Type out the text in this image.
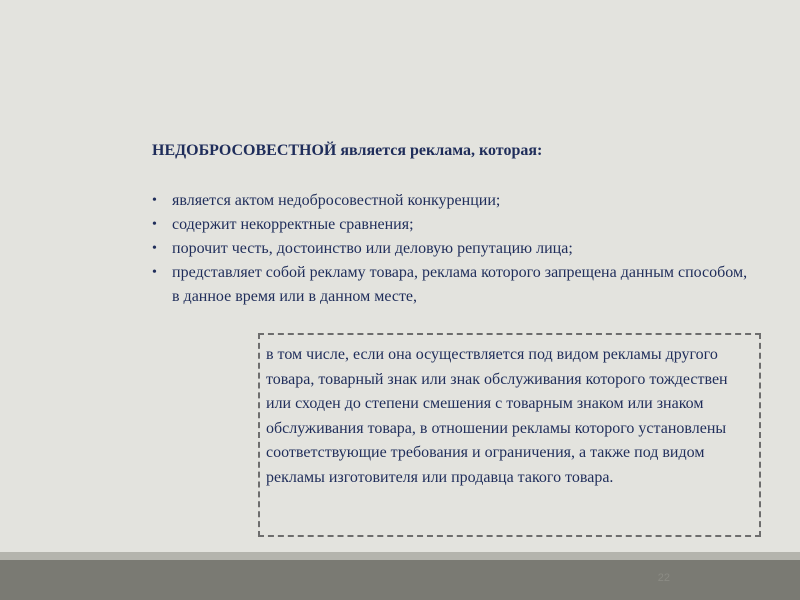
НЕДОБРОСОВЕСТНОЙ является реклама, которая:
• является актом недобросовестной конкуренции;
• содержит некорректные сравнения;
• порочит честь, достоинство или деловую репутацию лица;
• представляет собой рекламу товара, реклама которого запрещена данным способом, в данное время или в данном месте,
в том числе, если она осуществляется под видом рекламы другого товара, товарный знак или знак обслуживания которого тождествен или сходен до степени смешения с товарным знаком или знаком обслуживания товара, в отношении рекламы которого установлены соответствующие требования и ограничения, а также под видом рекламы изготовителя или продавца такого товара.
22
